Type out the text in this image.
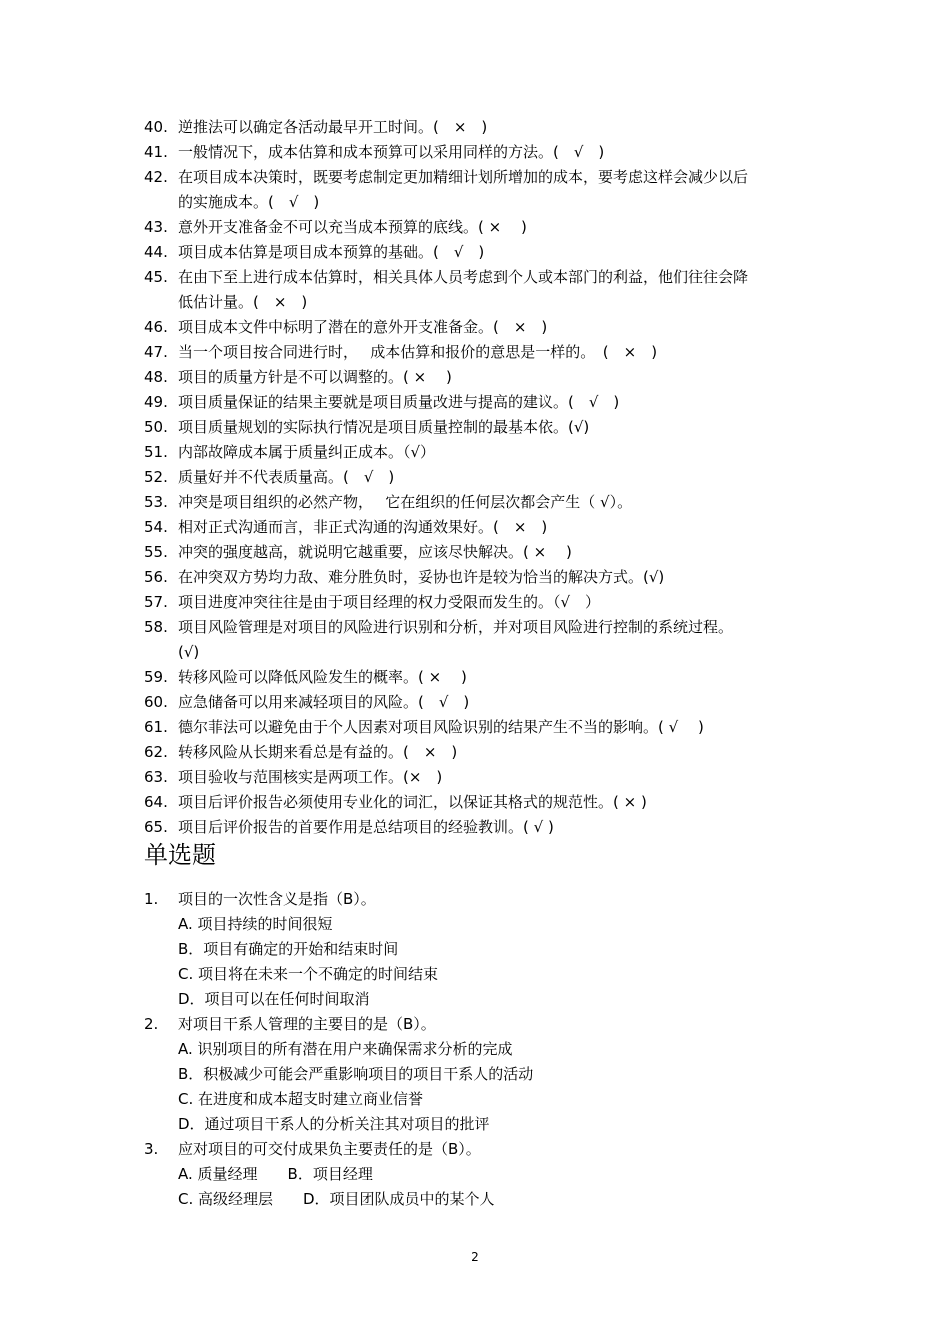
40. 逆推法可以确定各活动最早开工时间。(　×　)
41. 一般情况下，成本估算和成本预算可以采用同样的方法。(　√　)
42. 在项目成本决策时，既要考虑制定更加精细计划所增加的成本，要考虑这样会减少以后
的实施成本。(　√　)
43. 意外开支准备金不可以充当成本预算的底线。( ×　 )
44. 项目成本估算是项目成本预算的基础。(　√　)
45. 在由下至上进行成本估算时，相关具体人员考虑到个人或本部门的利益，他们往往会降
低估计量。(　×　)
46. 项目成本文件中标明了潜在的意外开支准备金。(　×　)
47. 当一个项目按合同进行时，　 成本估算和报价的意思是一样的。　(　×　)
48. 项目的质量方针是不可以调整的。( ×　 )
49. 项目质量保证的结果主要就是项目质量改进与提高的建议。(　√　)
50. 项目质量规划的实际执行情况是项目质量控制的最基本依。(√)
51. 内部故障成本属于质量纠正成本。（√）
52. 质量好并不代表质量高。(　√　)
53. 冲突是项目组织的必然产物，　 它在组织的任何层次都会产生（ √）。
54. 相对正式沟通而言，非正式沟通的沟通效果好。(　×　)
55. 冲突的强度越高，就说明它越重要，应该尽快解决。( ×　 )
56. 在冲突双方势均力敌、难分胜负时，妥协也许是较为恰当的解决方式。(√)
57. 项目进度冲突往往是由于项目经理的权力受限而发生的。（√　）
58. 项目风险管理是对项目的风险进行识别和分析，并对项目风险进行控制的系统过程。
(√)
59. 转移风险可以降低风险发生的概率。( ×　 )
60. 应急储备可以用来减轻项目的风险。(　√　)
61. 德尔菲法可以避免由于个人因素对项目风险识别的结果产生不当的影响。( √　 )
62. 转移风险从长期来看总是有益的。(　×　)
63. 项目验收与范围核实是两项工作。(×　)
64. 项目后评价报告必须使用专业化的词汇，以保证其格式的规范性。( × )
65. 项目后评价报告的首要作用是总结项目的经验教训。( √ )
单选题
1.	项目的一次性含义是指（B）。
A. 项目持续的时间很短
B．项目有确定的开始和结束时间
C. 项目将在未来一个不确定的时间结束
D．项目可以在任何时间取消
2.	对项目干系人管理的主要目的是（B）。
A. 识别项目的所有潜在用户来确保需求分析的完成
B．积极减少可能会严重影响项目的项目干系人的活动
C. 在进度和成本超支时建立商业信誉
D．通过项目干系人的分析关注其对项目的批评
3.	应对项目的可交付成果负主要责任的是（B）。
A. 质量经理　　B．项目经理
C. 高级经理层　　D．项目团队成员中的某个人
2
